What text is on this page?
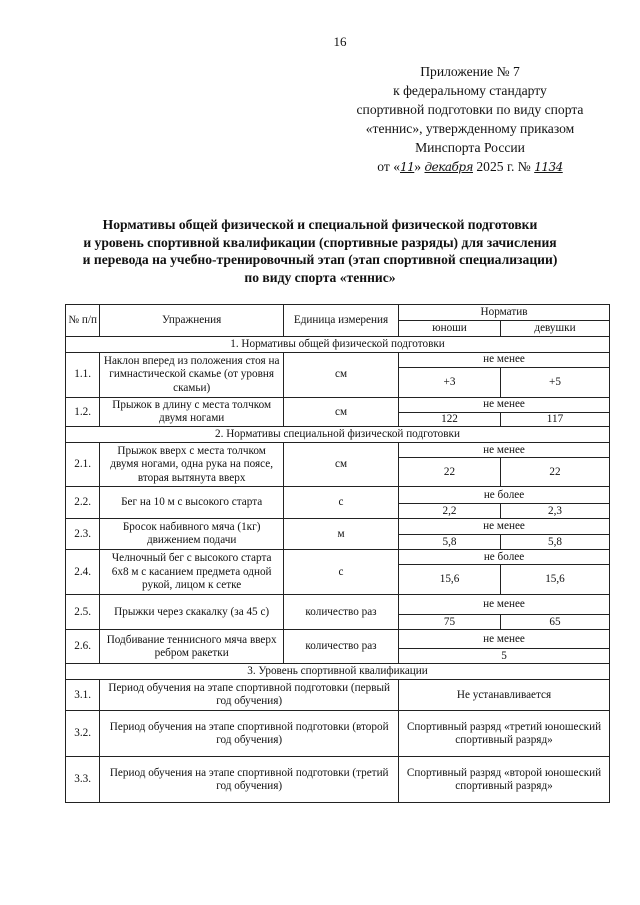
16
Приложение № 7
к федеральному стандарту
спортивной подготовки по виду спорта
«теннис», утвержденному приказом
Минспорта России
от «11» декабря 2025 г. № 1134
Нормативы общей физической и специальной физической подготовки
и уровень спортивной квалификации (спортивные разряды) для зачисления
и перевода на учебно-тренировочный этап (этап спортивной специализации)
по виду спорта «теннис»
№ п/п	Упражнения	Единица измерения	Норматив	
			юноши	девушки
1. Нормативы общей физической подготовки				
1.1.	Наклон вперед из положения стоя на гимнастической скамье (от уровня скамьи)	см	не менее	
			+3	+5
1.2.	Прыжок в длину с места толчком двумя ногами	см	не менее	
			122	117
2. Нормативы специальной физической подготовки				
2.1.	Прыжок вверх с места толчком двумя ногами, одна рука на поясе, вторая вытянута вверх	см	не менее	
			22	22
2.2.	Бег на 10 м с высокого старта	с	не более	
			2,2	2,3
2.3.	Бросок набивного мяча (1кг) движением подачи	м	не менее	
			5,8	5,8
2.4.	Челночный бег с высокого старта 6х8 м с касанием предмета одной рукой, лицом к сетке	с	не более	
			15,6	15,6
2.5.	Прыжки через скакалку (за 45 с)	количество раз	не менее	
			75	65
2.6.	Подбивание теннисного мяча вверх ребром ракетки	количество раз	не менее	
			5	
3. Уровень спортивной квалификации				
3.1.	Период обучения на этапе спортивной подготовки (первый год обучения)		Не устанавливается	
3.2.	Период обучения на этапе спортивной подготовки (второй год обучения)		Спортивный разряд «третий юношеский спортивный разряд»	
3.3.	Период обучения на этапе спортивной подготовки (третий год обучения)		Спортивный разряд «второй юношеский спортивный разряд»	
